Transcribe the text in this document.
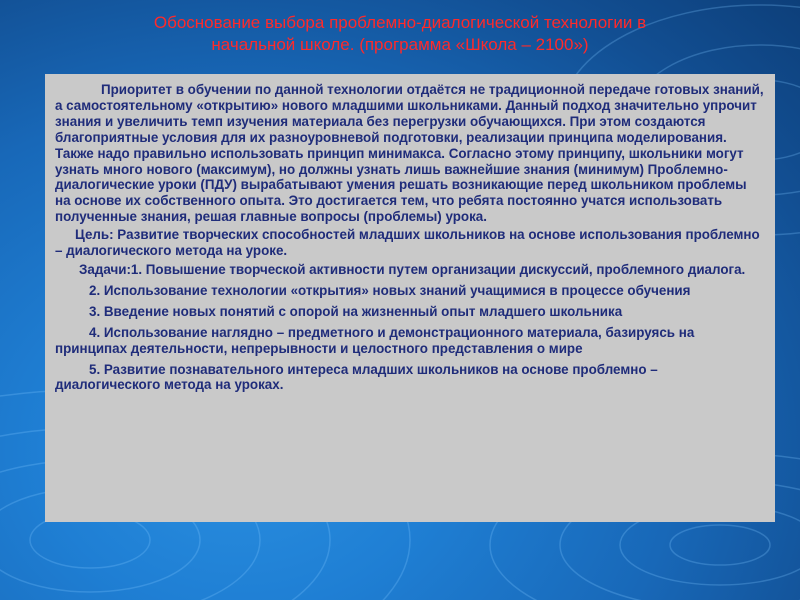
Обоснование выбора проблемно-диалогической технологии в
начальной школе. (программа «Школа – 2100»)

Приоритет в обучении по данной технологии отдаётся не традиционной передаче готовых знаний, а самостоятельному «открытию» нового младшими школьниками. Данный подход значительно упрочит знания и увеличить темп изучения материала без перегрузки обучающихся. При этом создаются благоприятные условия для их разноуровневой подготовки, реализации принципа моделирования. Также надо правильно использовать принцип минимакса. Согласно этому принципу, школьники могут узнать много нового (максимум), но должны узнать лишь важнейшие знания (минимум) Проблемно-диалогические уроки (ПДУ) вырабатывают умения решать возникающие перед школьником проблемы на основе их собственного опыта. Это достигается тем, что ребята постоянно учатся использовать полученные знания, решая главные вопросы (проблемы) урока.

Цель: Развитие творческих способностей младших школьников на основе использования проблемно – диалогического метода на уроке.

Задачи:1. Повышение творческой активности путем организации дискуссий, проблемного диалога.

2. Использование технологии «открытия» новых знаний учащимися в процессе обучения

3. Введение новых понятий с опорой на жизненный опыт младшего школьника

4. Использование наглядно – предметного и демонстрационного материала, базируясь на принципах деятельности, непрерывности и целостного представления о мире

5. Развитие познавательного интереса младших школьников на основе проблемно – диалогического метода на уроках.
